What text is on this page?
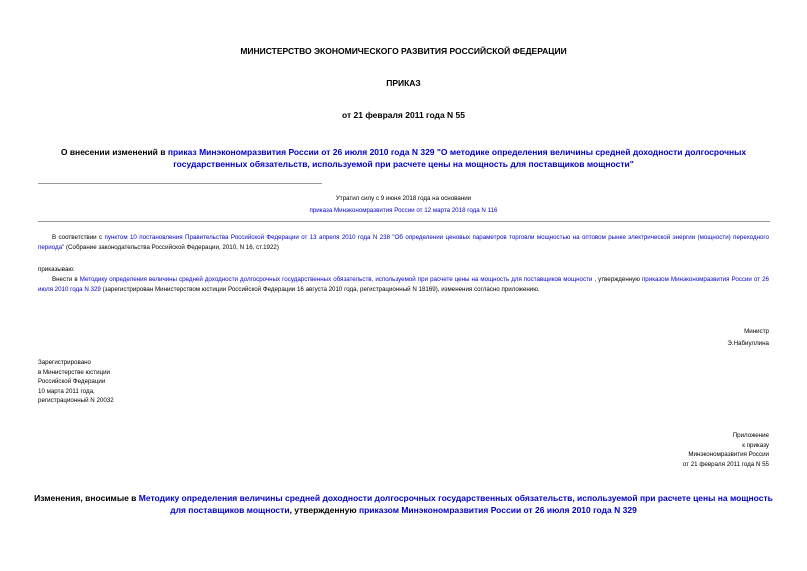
МИНИСТЕРСТВО ЭКОНОМИЧЕСКОГО РАЗВИТИЯ РОССИЙСКОЙ ФЕДЕРАЦИИ
ПРИКАЗ
от 21 февраля 2011 года N 55
О внесении изменений в приказ Минэкономразвития России от 26 июля 2010 года N 329 "О методике определения величины средней доходности долгосрочных государственных обязательств, используемой при расчете цены на мощность для поставщиков мощности"
Утратил силу с 9 июня 2018 года на основании
приказа Минэкономразвития России от 12 марта 2018 года N 116
В соответствии с пунктом 10 постановления Правительства Российской Федерации от 13 апреля 2010 года N 238 "Об определении ценовых параметров торговли мощностью на оптовом рынке электрической энергии (мощности) переходного периода" (Собрание законодательства Российской Федерации, 2010, N 16, ст.1922)
приказываю:
Внести в Методику определения величины средней доходности долгосрочных государственных обязательств, используемой при расчете цены на мощность для поставщиков мощности , утвержденную приказом Минэкономразвития России от 26 июля 2010 года N 329 (зарегистрирован Министерством юстиции Российской Федерации 16 августа 2010 года, регистрационный N 18169), изменения согласно приложению.
Министр
Э.Набиуллина
Зарегистрировано
в Министерстве юстиции
Российской Федерации
10 марта 2011 года,
регистрационный N 20032
Приложение
к приказу
Минэкономразвития России
от 21 февраля 2011 года N 55
Изменения, вносимые в Методику определения величины средней доходности долгосрочных государственных обязательств, используемой при расчете цены на мощность для поставщиков мощности, утвержденную приказом Минэкономразвития России от 26 июля 2010 года N 329
